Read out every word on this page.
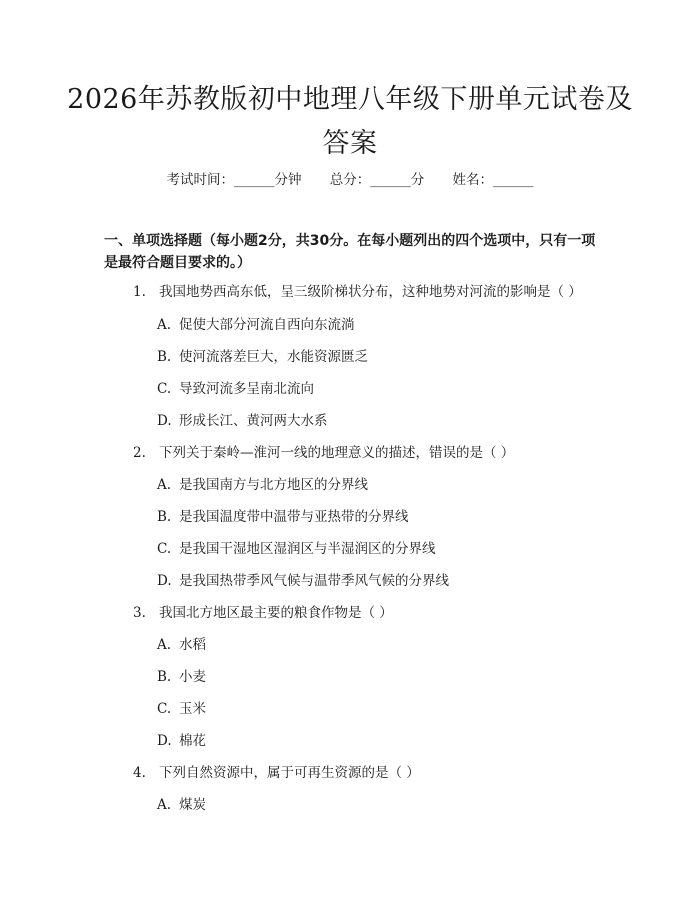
2026年苏教版初中地理八年级下册单元试卷及答案
考试时间：______分钟 总分：______分 姓名：______
一、单项选择题（每小题2分，共30分。在每小题列出的四个选项中，只有一项是最符合题目要求的。）
1. 我国地势西高东低，呈三级阶梯状分布，这种地势对河流的影响是（ ）
A. 促使大部分河流自西向东流淌
B. 使河流落差巨大，水能资源匮乏
C. 导致河流多呈南北流向
D. 形成长江、黄河两大水系
2. 下列关于秦岭—淮河一线的地理意义的描述，错误的是（ ）
A. 是我国南方与北方地区的分界线
B. 是我国温度带中温带与亚热带的分界线
C. 是我国干湿地区湿润区与半湿润区的分界线
D. 是我国热带季风气候与温带季风气候的分界线
3. 我国北方地区最主要的粮食作物是（ ）
A. 水稻
B. 小麦
C. 玉米
D. 棉花
4. 下列自然资源中，属于可再生资源的是（ ）
A. 煤炭
